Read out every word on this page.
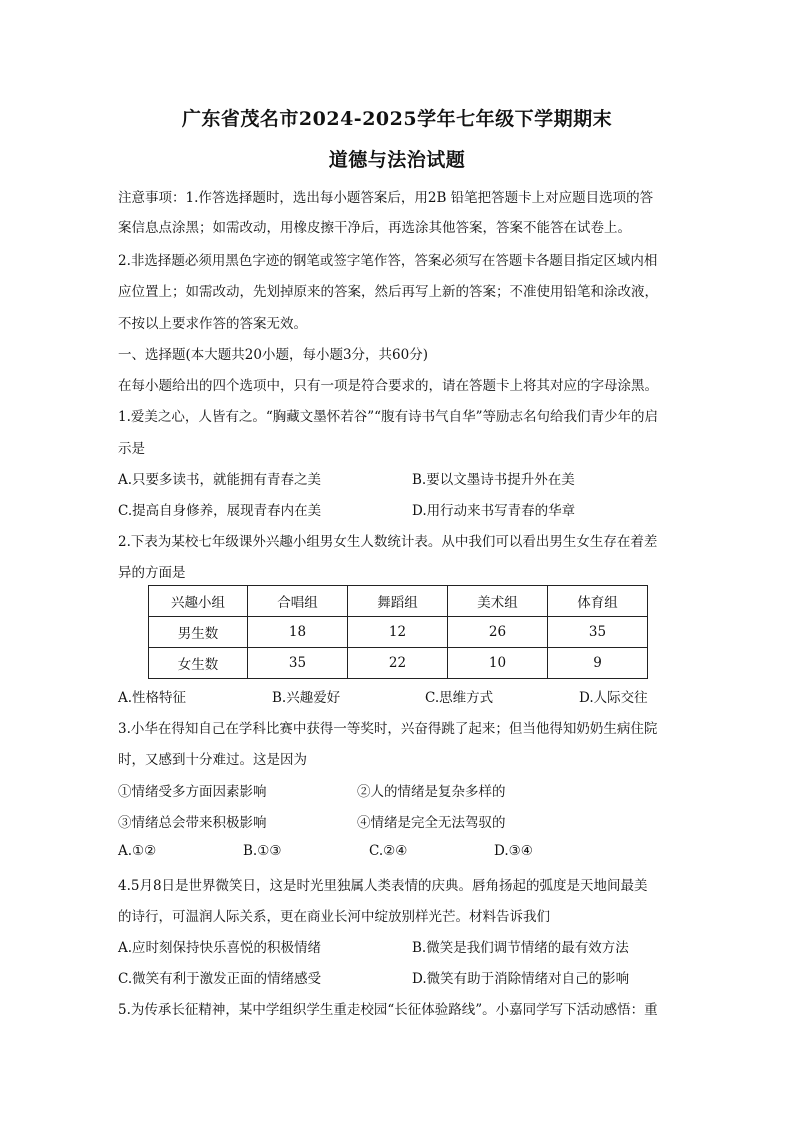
广东省茂名市2024-2025学年七年级下学期期末
道德与法治试题
注意事项：1.作答选择题时，选出每小题答案后，用2B 铅笔把答题卡上对应题目选项的答
案信息点涂黑；如需改动，用橡皮擦干净后，再选涂其他答案，答案不能答在试卷上。
2.非选择题必须用黑色字迹的钢笔或签字笔作答，答案必须写在答题卡各题目指定区域内相
应位置上；如需改动，先划掉原来的答案，然后再写上新的答案；不准使用铅笔和涂改液，
不按以上要求作答的答案无效。
一、选择题(本大题共20小题，每小题3分，共60分)
在每小题给出的四个选项中，只有一项是符合要求的，请在答题卡上将其对应的字母涂黑。
1.爱美之心，人皆有之。“胸藏文墨怀若谷”“腹有诗书气自华”等励志名句给我们青少年的启
示是
A.只要多读书，就能拥有青春之美	B.要以文墨诗书提升外在美
C.提高自身修养，展现青春内在美	D.用行动来书写青春的华章
2.下表为某校七年级课外兴趣小组男女生人数统计表。从中我们可以看出男生女生存在着差
异的方面是
兴趣小组	合唱组	舞蹈组	美术组	体育组
男生数	18	12	26	35
女生数	35	22	10	9
A.性格特征	B.兴趣爱好	C.思维方式	D.人际交往
3.小华在得知自己在学科比赛中获得一等奖时，兴奋得跳了起来；但当他得知奶奶生病住院
时，又感到十分难过。这是因为
①情绪受多方面因素影响	②人的情绪是复杂多样的
③情绪总会带来积极影响	④情绪是完全无法驾驭的
A.①②	B.①③	C.②④	D.③④
4.5月8日是世界微笑日，这是时光里独属人类表情的庆典。唇角扬起的弧度是天地间最美
的诗行，可温润人际关系，更在商业长河中绽放别样光芒。材料告诉我们
A.应时刻保持快乐喜悦的积极情绪	B.微笑是我们调节情绪的最有效方法
C.微笑有利于激发正面的情绪感受	D.微笑有助于消除情绪对自己的影响
5.为传承长征精神，某中学组织学生重走校园“长征体验路线”。小嘉同学写下活动感悟：重
